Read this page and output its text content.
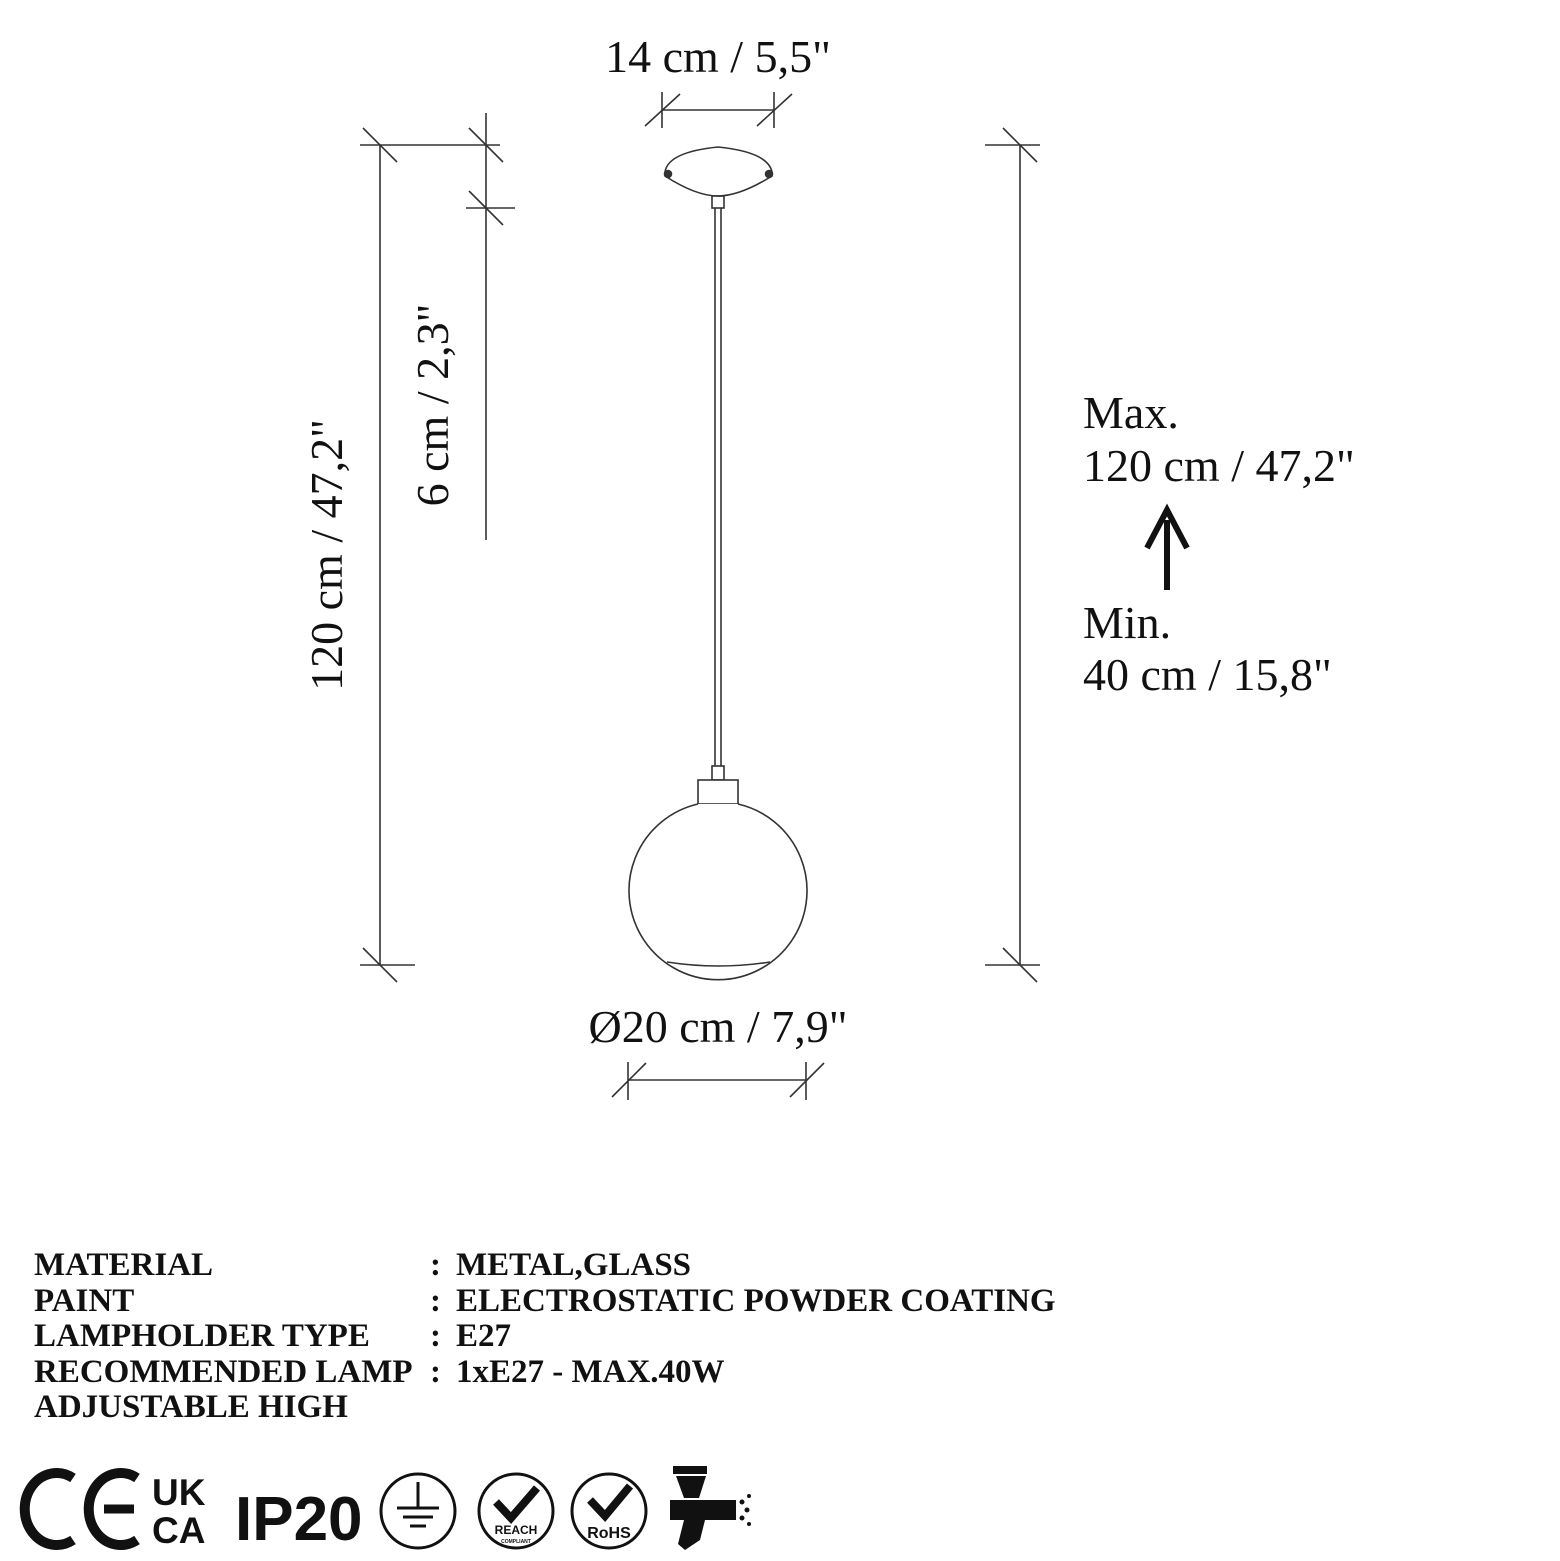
14 cm / 5,5"
120 cm / 47,2"
6 cm / 2,3"
Ø20 cm / 7,9"
Max.
120 cm / 47,2"
Min.
40 cm / 15,8"
UK
CA IP20	REACH
COMPLIANT	RoHS
MATERIAL	: METAL,GLASS
PAINT	: ELECTROSTATIC POWDER COATING
LAMPHOLDER TYPE : E27
RECOMMENDED LAMP : 1xE27 - MAX.40W
ADJUSTABLE HIGH
